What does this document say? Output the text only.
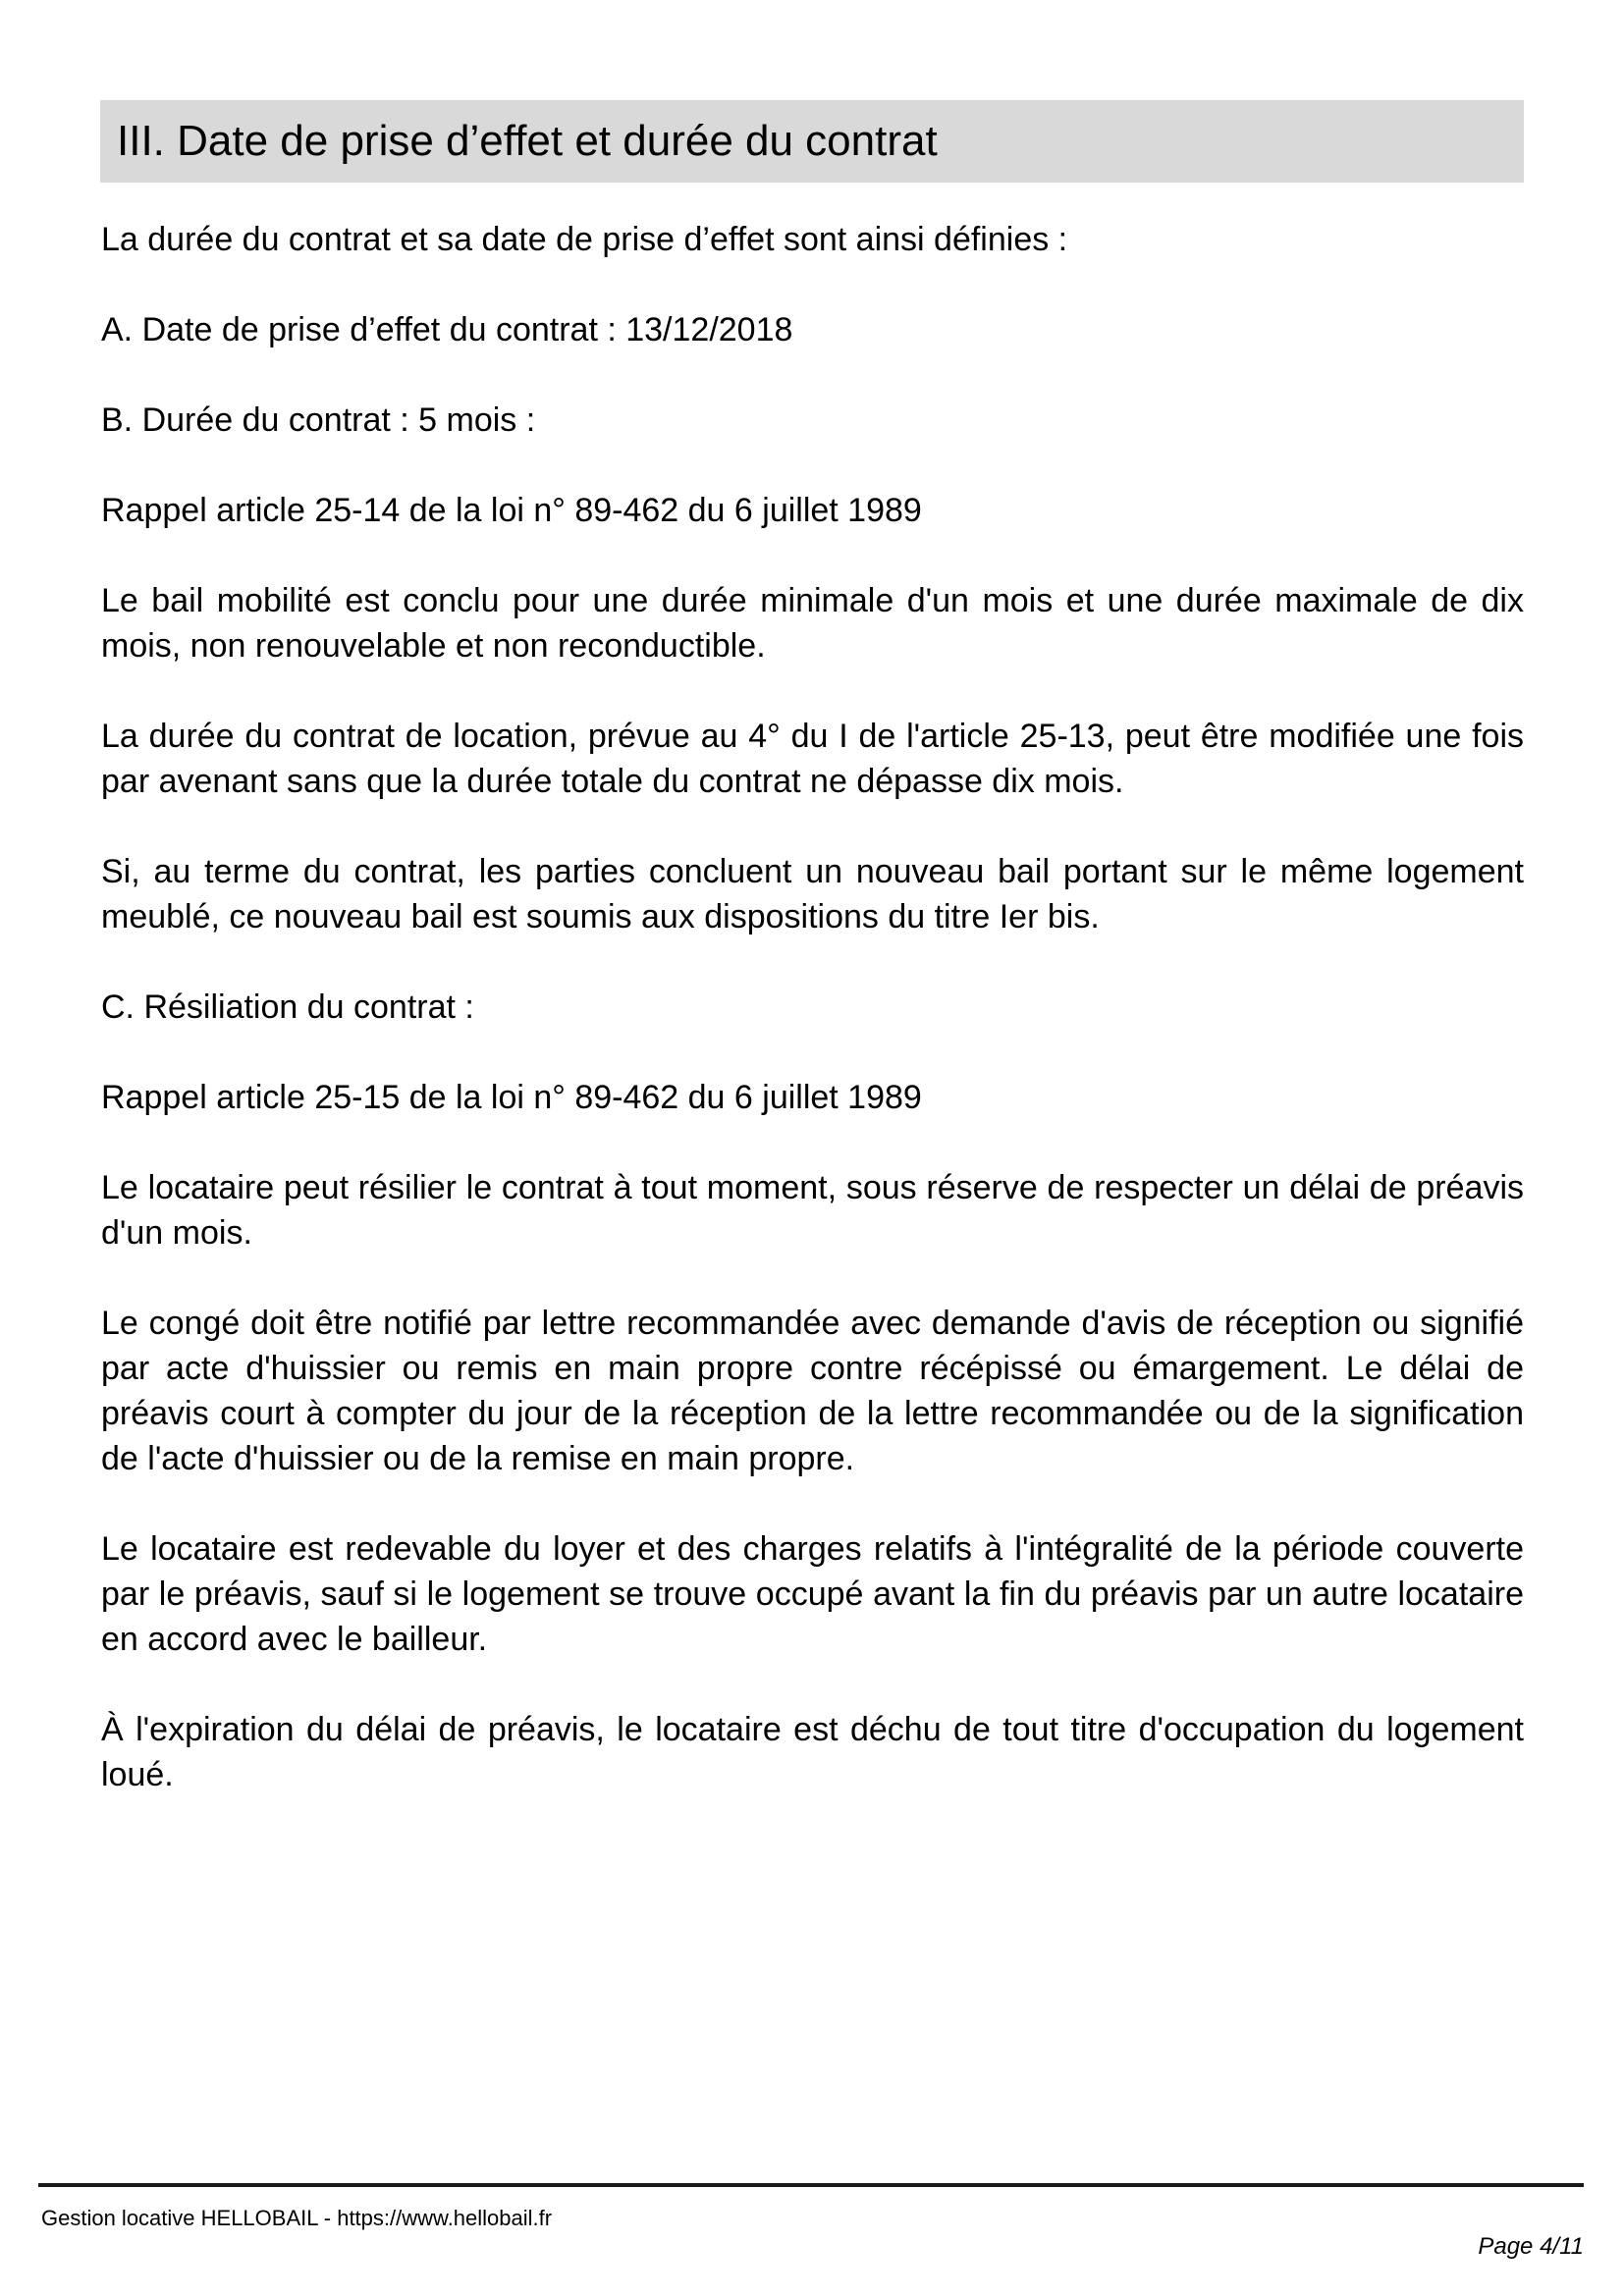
III. Date de prise d’effet et durée du contrat

La durée du contrat et sa date de prise d’effet sont ainsi définies :

A. Date de prise d’effet du contrat : 13/12/2018

B. Durée du contrat : 5 mois :

Rappel article 25-14 de la loi n° 89-462 du 6 juillet 1989

Le bail mobilité est conclu pour une durée minimale d'un mois et une durée maximale de dix mois, non renouvelable et non reconductible.

La durée du contrat de location, prévue au 4° du I de l'article 25-13, peut être modifiée une fois par avenant sans que la durée totale du contrat ne dépasse dix mois.

Si, au terme du contrat, les parties concluent un nouveau bail portant sur le même logement meublé, ce nouveau bail est soumis aux dispositions du titre Ier bis.

C. Résiliation du contrat :

Rappel article 25-15 de la loi n° 89-462 du 6 juillet 1989

Le locataire peut résilier le contrat à tout moment, sous réserve de respecter un délai de préavis d'un mois.

Le congé doit être notifié par lettre recommandée avec demande d'avis de réception ou signifié par acte d'huissier ou remis en main propre contre récépissé ou émargement. Le délai de préavis court à compter du jour de la réception de la lettre recommandée ou de la signification de l'acte d'huissier ou de la remise en main propre.

Le locataire est redevable du loyer et des charges relatifs à l'intégralité de la période couverte par le préavis, sauf si le logement se trouve occupé avant la fin du préavis par un autre locataire en accord avec le bailleur.

À l'expiration du délai de préavis, le locataire est déchu de tout titre d'occupation du logement loué.

Gestion locative HELLOBAIL - https://www.hellobail.fr
Page 4/11
